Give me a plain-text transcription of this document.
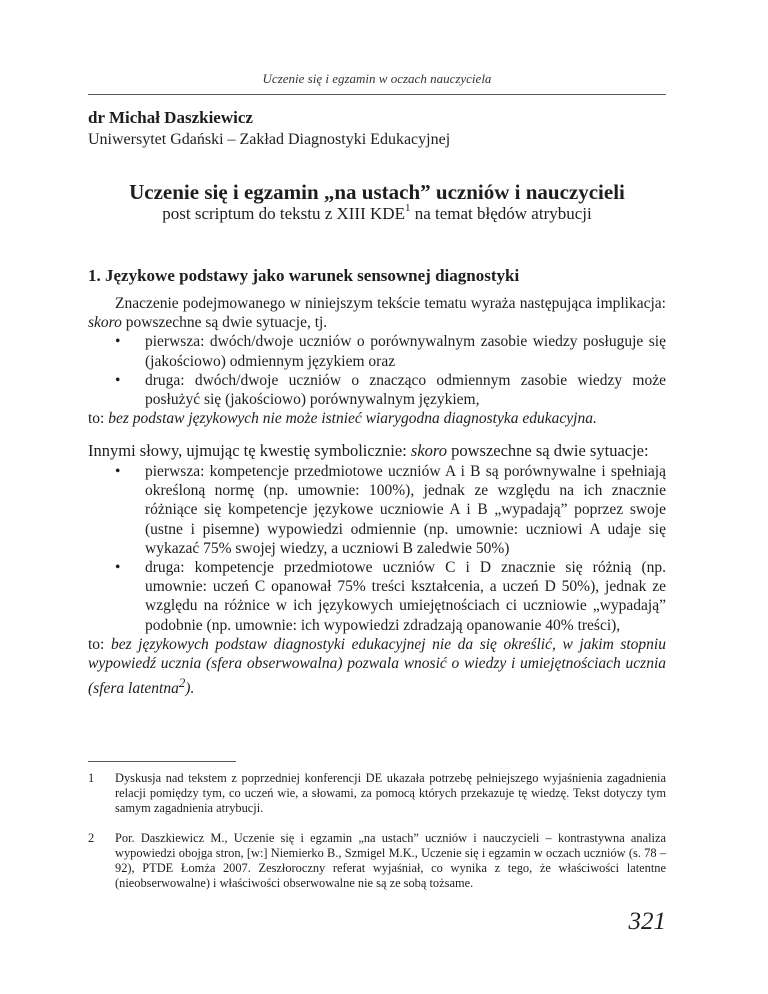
Uczenie się i egzamin w oczach nauczyciela
dr Michał Daszkiewicz
Uniwersytet Gdański – Zakład Diagnostyki Edukacyjnej
Uczenie się i egzamin „na ustach” uczniów i nauczycieli
post scriptum do tekstu z XIII KDE$^1$ na temat błędów atrybucji
1. Językowe podstawy jako warunek sensownej diagnostyki

Znaczenie podejmowanego w niniejszym tekście tematu wyraża następująca implikacja: skoro powszechne są dwie sytuacje, tj.

• pierwsza: dwóch/dwoje uczniów o porównywalnym zasobie wiedzy posługuje się (jakościowo) odmiennym językiem oraz
• druga: dwóch/dwoje uczniów o znacząco odmiennym zasobie wiedzy może posłużyć się (jakościowo) porównywalnym językiem,

to: bez podstaw językowych nie może istnieć wiarygodna diagnostyka edukacyjna.

Innymi słowy, ujmując tę kwestię symbolicznie: skoro powszechne są dwie sytuacje:

• pierwsza: kompetencje przedmiotowe uczniów A i B są porównywalne i spełniają określoną normę (np. umownie: 100%), jednak ze względu na ich znacznie różniące się kompetencje językowe uczniowie A i B „wypadają” poprzez swoje (ustne i pisemne) wypowiedzi odmiennie (np. umownie: uczniowi A udaje się wykazać 75% swojej wiedzy, a uczniowi B zaledwie 50%)
• druga: kompetencje przedmiotowe uczniów C i D znacznie się różnią (np. umownie: uczeń C opanował 75% treści kształcenia, a uczeń D 50%), jednak ze względu na różnice w ich językowych umiejętnościach ci uczniowie „wypadają” podobnie (np. umownie: ich wypowiedzi zdradzają opanowanie 40% treści),

to: bez językowych podstaw diagnostyki edukacyjnej nie da się określić, w jakim stopniu wypowiedź ucznia (sfera obserwowalna) pozwala wnosić o wiedzy i umiejętnościach ucznia (sfera latentna$^2$).

1	Dyskusja nad tekstem z poprzedniej konferencji DE ukazała potrzebę pełniejszego wyjaśnienia zagadnienia relacji pomiędzy tym, co uczeń wie, a słowami, za pomocą których przekazuje tę wiedzę. Tekst dotyczy tym samym zagadnienia atrybucji.
2	Por. Daszkiewicz M., Uczenie się i egzamin „na ustach” uczniów i nauczycieli – kontrastywna analiza wypowiedzi obojga stron, [w:] Niemierko B., Szmigel M.K., Uczenie się i egzamin w oczach uczniów (s. 78 – 92), PTDE Łomża 2007. Zeszłoroczny referat wyjaśniał, co wynika z tego, że właściwości latentne (nieobserwowalne) i właściwości obserwowalne nie są ze sobą tożsame.
321
